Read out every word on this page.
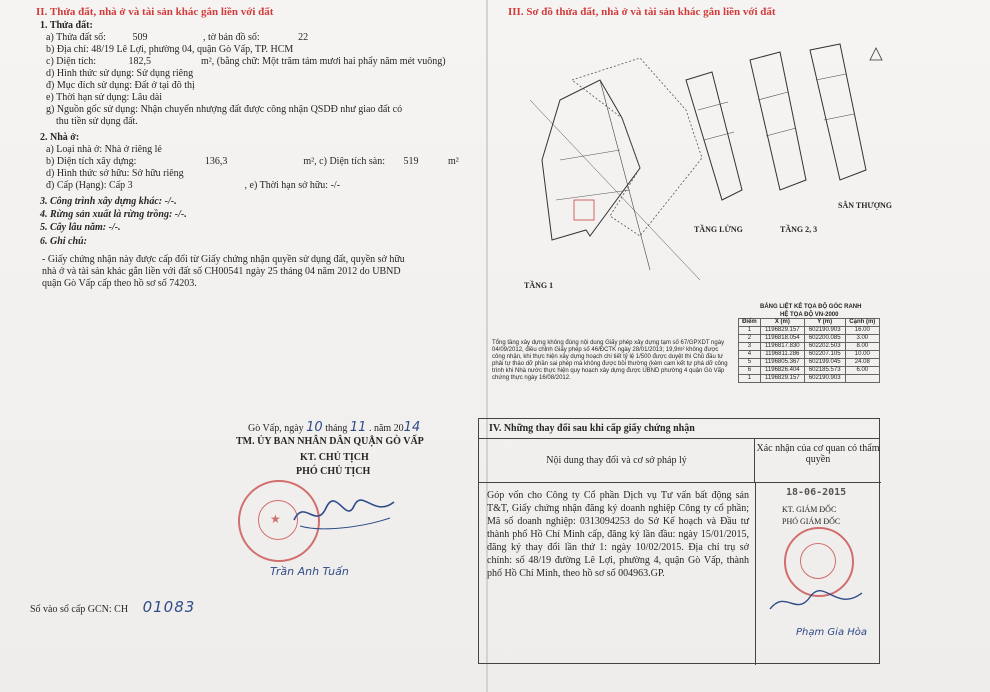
II. Thửa đất, nhà ở và tài sản khác gắn liền với đất
1. Thửa đất:
a) Thửa đất số:	509	, tờ bản đồ số:	22
b) Địa chỉ: 48/19 Lê Lợi, phường 04, quận Gò Vấp, TP. HCM
c) Diện tích:	182,5	m², (bằng chữ: Một trăm tám mươi hai phẩy năm mét vuông)
d) Hình thức sử dụng: Sử dụng riêng
đ) Mục đích sử dụng: Đất ở tại đô thị
e) Thời hạn sử dụng: Lâu dài
g) Nguồn gốc sử dụng: Nhận chuyển nhượng đất được công nhận QSDĐ như giao đất có
thu tiền sử dụng đất.
2. Nhà ở:
a) Loại nhà ở: Nhà ở riêng lẻ
b) Diện tích xây dựng:	136,3	m², c) Diện tích sàn: 519	m²
d) Hình thức sở hữu: Sở hữu riêng
đ) Cấp (Hạng): Cấp 3	, e) Thời hạn sở hữu: -/-
3. Công trình xây dựng khác: -/-.
4. Rừng sản xuất là rừng trồng: -/-.
5. Cây lâu năm: -/-.
6. Ghi chú:
- Giấy chứng nhận này được cấp đổi từ Giấy chứng nhận quyền sử dụng đất, quyền sở hữu
nhà ở và tài sản khác gắn liền với đất số CH00541 ngày 25 tháng 04 năm 2012 do UBND
quận Gò Vấp cấp theo hồ sơ số 74203.
Gò Vấp, ngày 10 tháng 11 . năm 2014
TM. ỦY BAN NHÂN DÂN QUẬN GÒ VẤP
KT. CHỦ TỊCH
PHÓ CHỦ TỊCH
★
Trần Anh Tuấn
Số vào sổ cấp GCN: CH 01083
III. Sơ đồ thửa đất, nhà ở và tài sản khác gắn liền với đất
TẦNG 1
TẦNG LỬNG	TẦNG 2, 3
SÂN THƯỢNG
BẢNG LIỆT KÊ TỌA ĐỘ GÓC RANH
HỆ TỌA ĐỘ VN-2000
Điểm	X (m)	Y (m)	Cạnh (m)
1	1196829.157	602190.903	16.00
2	1196818.054	602200.085	3.00
3	1196817.830	602202.503	8.00
4	1196811.286	602207.105	10.00
5	1196805.367	602199.045	24.08
6	1196826.404	602185.573	6.00
1	1196829.157	602190.903	
Tổng tầng xây dựng không đúng nội dung Giấy phép xây dựng tạm số 67/GPXDT ngày 04/09/2012, điều chỉnh Giấy phép số 46/ĐCTK ngày 28/01/2013; 19,9m² không được công nhận, khi thực hiện xây dựng hoạch chi tiết tỷ lệ 1/500 được duyệt thì Chủ đầu tư phải tự tháo dỡ phần sai phép mà không được bồi thường (kèm cam kết tự phá dỡ công trình khi Nhà nước thực hiện quy hoạch xây dựng được UBND phường 4 quận Gò Vấp chứng thực ngày 16/08/2012.
IV. Những thay đổi sau khi cấp giấy chứng nhận
Nội dung thay đổi và cơ sở pháp lý
Xác nhận của cơ quan có thẩm quyền
Góp vốn cho Công ty Cổ phần Dịch vụ Tư vấn bất động sản T&T, Giấy chứng nhận đăng ký doanh nghiệp Công ty cổ phần; Mã số doanh nghiệp: 0313094253 do Sở Kế hoạch và Đầu tư thành phố Hồ Chí Minh cấp, đăng ký lần đầu: ngày 15/01/2015, đăng ký thay đổi lần thứ 1: ngày 10/02/2015. Địa chỉ trụ sở chính: số 48/19 đường Lê Lợi, phường 4, quận Gò Vấp, thành phố Hồ Chí Minh, theo hồ sơ số 004963.GP.
18-06-2015
KT. GIÁM ĐỐC
PHÓ GIÁM ĐỐC
Phạm Gia Hòa
